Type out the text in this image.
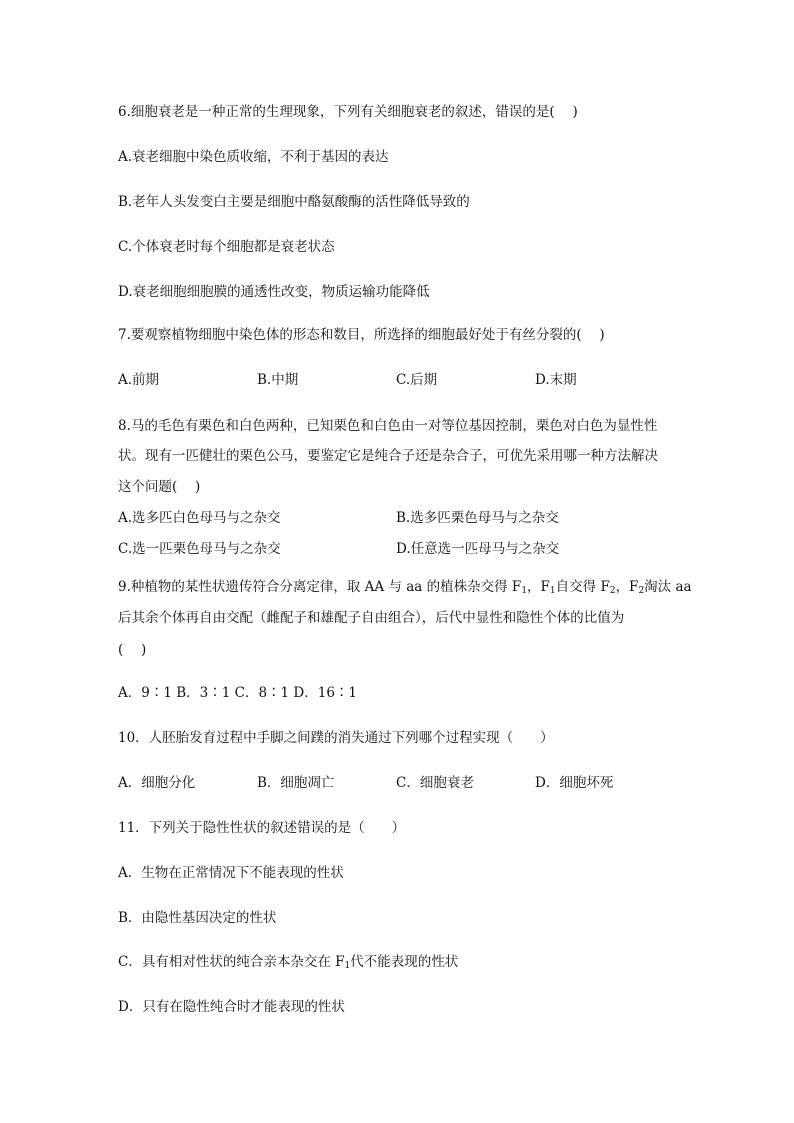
6.细胞衰老是一种正常的生理现象，下列有关细胞衰老的叙述，错误的是(　 )
A.衰老细胞中染色质收缩，不利于基因的表达
B.老年人头发变白主要是细胞中酪氨酸酶的活性降低导致的
C.个体衰老时每个细胞都是衰老状态
D.衰老细胞细胞膜的通透性改变，物质运输功能降低
7.要观察植物细胞中染色体的形态和数目，所选择的细胞最好处于有丝分裂的(　 )
A.前期	B.中期	C.后期	D.末期
8.马的毛色有栗色和白色两种，已知栗色和白色由一对等位基因控制，栗色对白色为显性性
状。现有一匹健壮的栗色公马，要鉴定它是纯合子还是杂合子，可优先采用哪一种方法解决
这个问题(　 )
A.选多匹白色母马与之杂交	B.选多匹栗色母马与之杂交
C.选一匹栗色母马与之杂交	D.任意选一匹母马与之杂交
9.种植物的某性状遗传符合分离定律，取 AA 与 aa 的植株杂交得 $F_1$，$F_1$自交得 $F_2$，$F_2$淘汰 aa
后其余个体再自由交配（雌配子和雄配子自由组合），后代中显性和隐性个体的比值为
(　 )
A．9∶1 B．3∶1 C．8∶1 D．16∶1
10．人胚胎发育过程中手脚之间蹼的消失通过下列哪个过程实现（　　）
A．细胞分化	B．细胞凋亡	C．细胞衰老	D．细胞坏死
11．下列关于隐性性状的叙述错误的是（　　）
A．生物在正常情况下不能表现的性状
B．由隐性基因决定的性状
C．具有相对性状的纯合亲本杂交在 $F_1$代不能表现的性状
D．只有在隐性纯合时才能表现的性状
